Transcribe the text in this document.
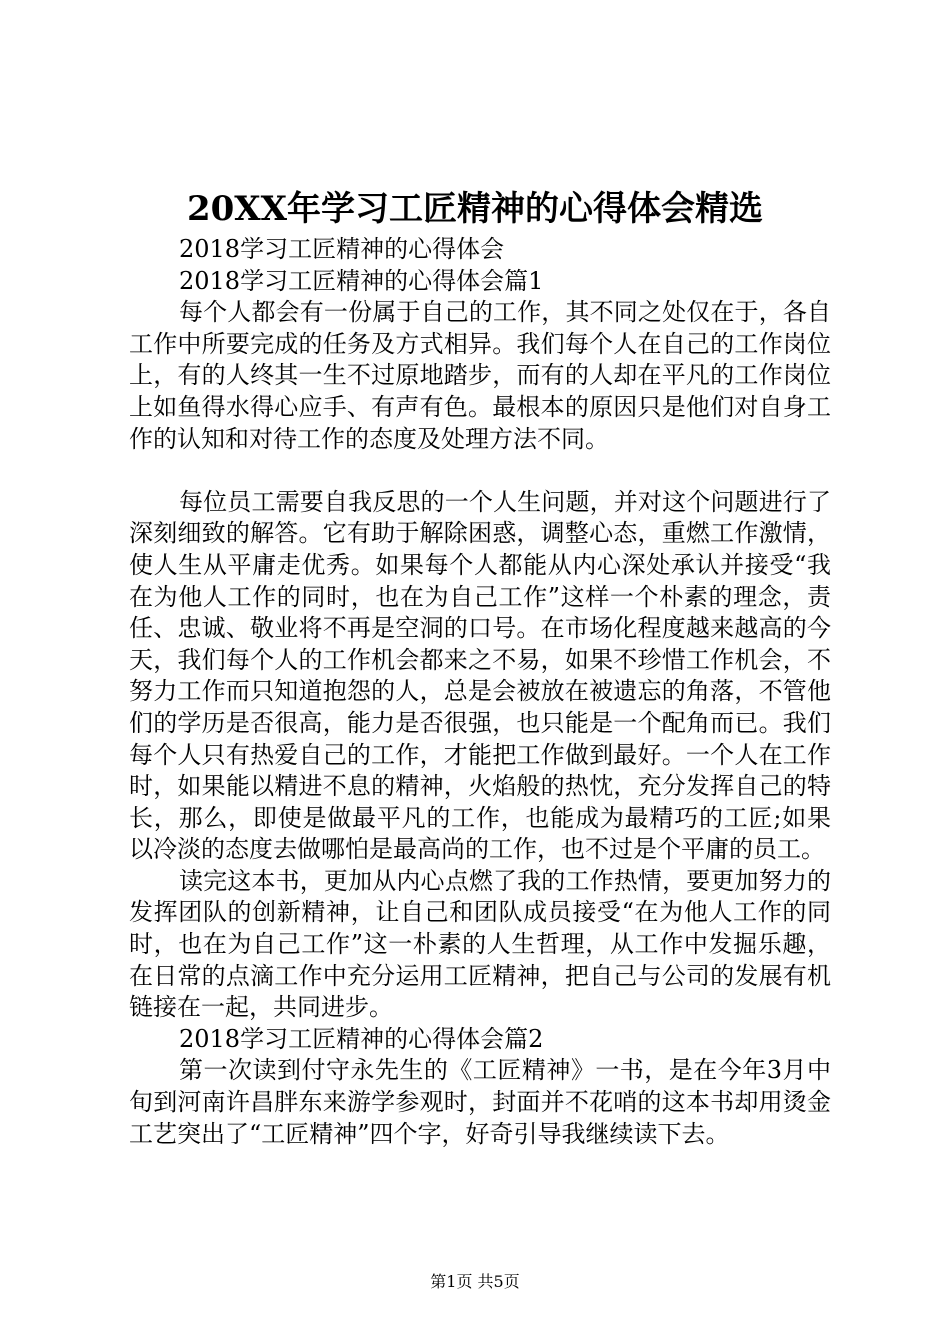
20XX年学习工匠精神的心得体会精选

2018学习工匠精神的心得体会

2018学习工匠精神的心得体会篇1

每个人都会有一份属于自己的工作，其不同之处仅在于，各自工作中所要完成的任务及方式相异。我们每个人在自己的工作岗位上，有的人终其一生不过原地踏步，而有的人却在平凡的工作岗位上如鱼得水得心应手、有声有色。最根本的原因只是他们对自身工作的认知和对待工作的态度及处理方法不同。

每位员工需要自我反思的一个人生问题，并对这个问题进行了深刻细致的解答。它有助于解除困惑，调整心态，重燃工作激情，使人生从平庸走优秀。如果每个人都能从内心深处承认并接受“我在为他人工作的同时，也在为自己工作”这样一个朴素的理念，责任、忠诚、敬业将不再是空洞的口号。在市场化程度越来越高的今天，我们每个人的工作机会都来之不易，如果不珍惜工作机会，不努力工作而只知道抱怨的人，总是会被放在被遗忘的角落，不管他们的学历是否很高，能力是否很强，也只能是一个配角而已。我们每个人只有热爱自己的工作，才能把工作做到最好。一个人在工作时，如果能以精进不息的精神，火焰般的热忱，充分发挥自己的特长，那么，即使是做最平凡的工作，也能成为最精巧的工匠;如果以冷淡的态度去做哪怕是最高尚的工作，也不过是个平庸的员工。

读完这本书，更加从内心点燃了我的工作热情，要更加努力的发挥团队的创新精神，让自己和团队成员接受“在为他人工作的同时，也在为自己工作”这一朴素的人生哲理，从工作中发掘乐趣，在日常的点滴工作中充分运用工匠精神，把自己与公司的发展有机链接在一起，共同进步。

2018学习工匠精神的心得体会篇2

第一次读到付守永先生的《工匠精神》一书，是在今年3月中旬到河南许昌胖东来游学参观时，封面并不花哨的这本书却用烫金工艺突出了“工匠精神”四个字，好奇引导我继续读下去。

第1页 共5页
